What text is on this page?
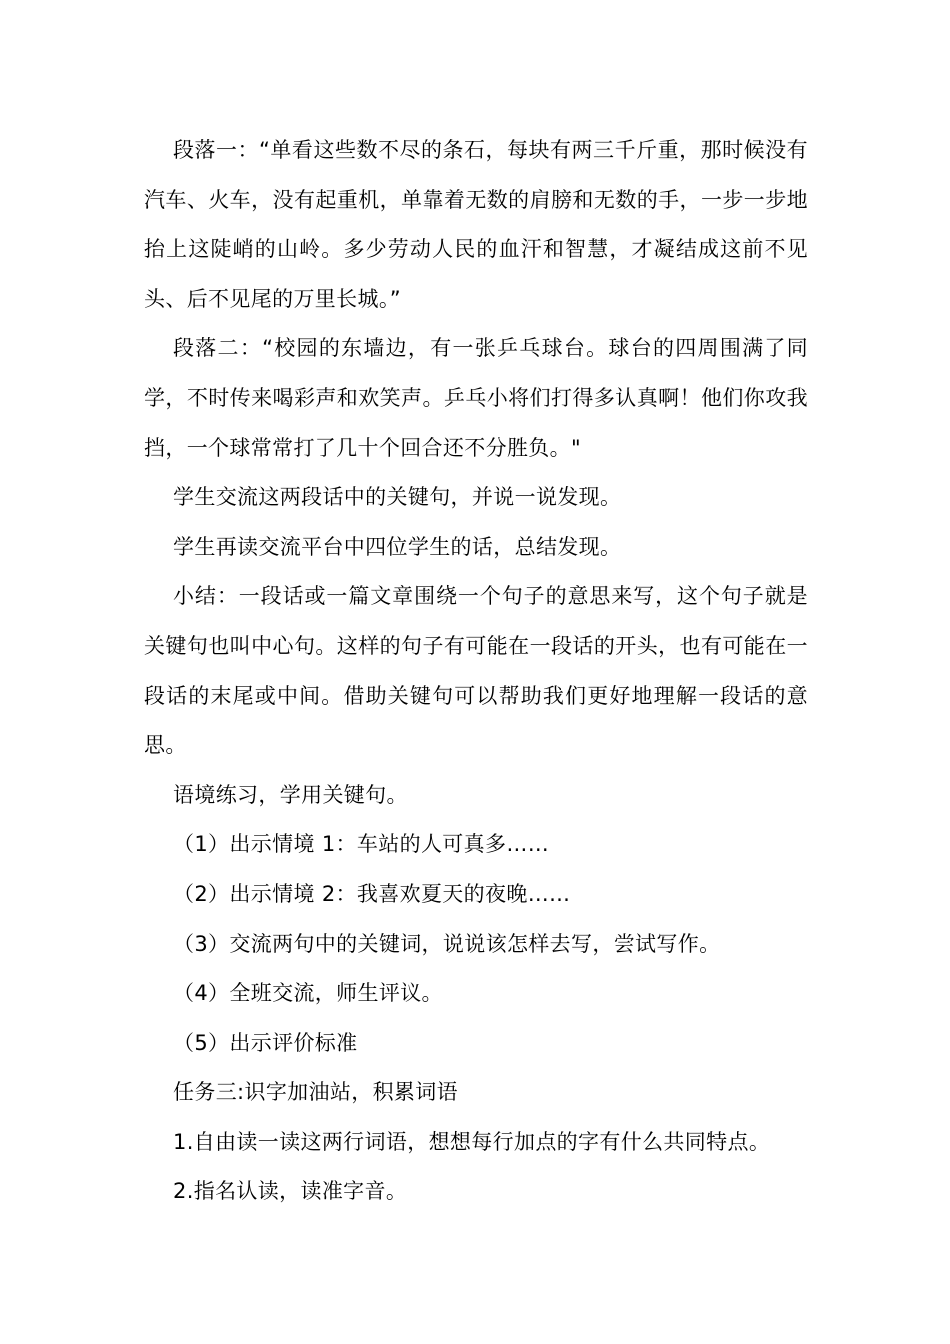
段落一：“单看这些数不尽的条石，每块有两三千斤重，那时候没有汽车、火车，没有起重机，单靠着无数的肩膀和无数的手，一步一步地抬上这陡峭的山岭。多少劳动人民的血汗和智慧，才凝结成这前不见头、后不见尾的万里长城。”

段落二：“校园的东墙边，有一张乒乓球台。球台的四周围满了同学，不时传来喝彩声和欢笑声。乒乓小将们打得多认真啊！他们你攻我挡，一个球常常打了几十个回合还不分胜负。"

学生交流这两段话中的关键句，并说一说发现。

学生再读交流平台中四位学生的话，总结发现。

小结：一段话或一篇文章围绕一个句子的意思来写，这个句子就是关键句也叫中心句。这样的句子有可能在一段话的开头，也有可能在一段话的末尾或中间。借助关键句可以帮助我们更好地理解一段话的意思。

语境练习，学用关键句。

（1）出示情境 1：车站的人可真多……

（2）出示情境 2：我喜欢夏天的夜晚……

（3）交流两句中的关键词，说说该怎样去写，尝试写作。

（4）全班交流，师生评议。

（5）出示评价标准

任务三:识字加油站，积累词语

1.自由读一读这两行词语，想想每行加点的字有什么共同特点。

2.指名认读，读准字音。
